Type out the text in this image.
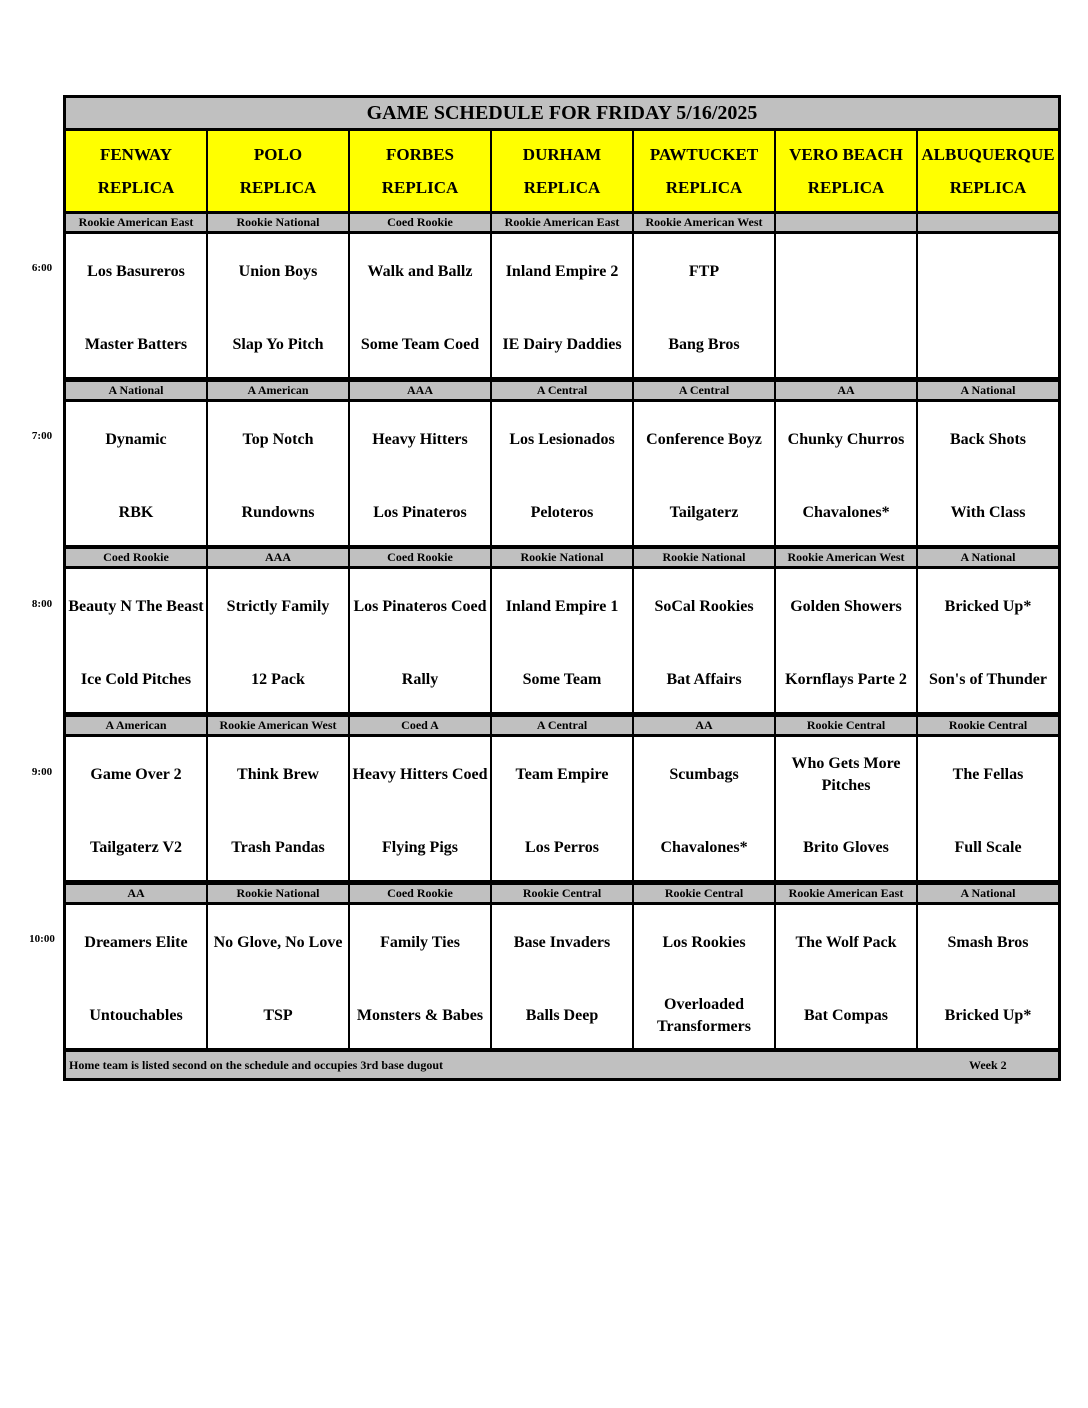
6:00
7:00
8:00
9:00
10:00
GAME SCHEDULE FOR FRIDAY 5/16/2025
FENWAY
REPLICA
POLO
REPLICA
FORBES
REPLICA
DURHAM
REPLICA
PAWTUCKET
REPLICA
VERO BEACH
REPLICA
ALBUQUERQUE
REPLICA
Rookie American East
Los Basureros
Master Batters
Rookie National
Union Boys
Slap Yo Pitch
Coed Rookie
Walk and Ballz
Some Team Coed
Rookie American East
Inland Empire 2
IE Dairy Daddies
Rookie American West
FTP
Bang Bros
A National
Dynamic
RBK
A American
Top Notch
Rundowns
AAA
Heavy Hitters
Los Pinateros
A Central
Los Lesionados
Peloteros
A Central
Conference Boyz
Tailgaterz
AA
Chunky Churros
Chavalones*
A National
Back Shots
With Class
Coed Rookie
Beauty N The Beast
Ice Cold Pitches
AAA
Strictly Family
12 Pack
Coed Rookie
Los Pinateros Coed
Rally
Rookie National
Inland Empire 1
Some Team
Rookie National
SoCal Rookies
Bat Affairs
Rookie American West
Golden Showers
Kornflays Parte 2
A National
Bricked Up*
Son's of Thunder
A American
Game Over 2
Tailgaterz V2
Rookie American West
Think Brew
Trash Pandas
Coed A
Heavy Hitters Coed
Flying Pigs
A Central
Team Empire
Los Perros
AA
Scumbags
Chavalones*
Rookie Central
Who Gets More Pitches
Brito Gloves
Rookie Central
The Fellas
Full Scale
AA
Dreamers Elite
Untouchables
Rookie National
No Glove, No Love
TSP
Coed Rookie
Family Ties
Monsters & Babes
Rookie Central
Base Invaders
Balls Deep
Rookie Central
Los Rookies
Overloaded Transformers
Rookie American East
The Wolf Pack
Bat Compas
A National
Smash Bros
Bricked Up*
Home team is listed second on the schedule and occupies 3rd base dugout	Week 2
